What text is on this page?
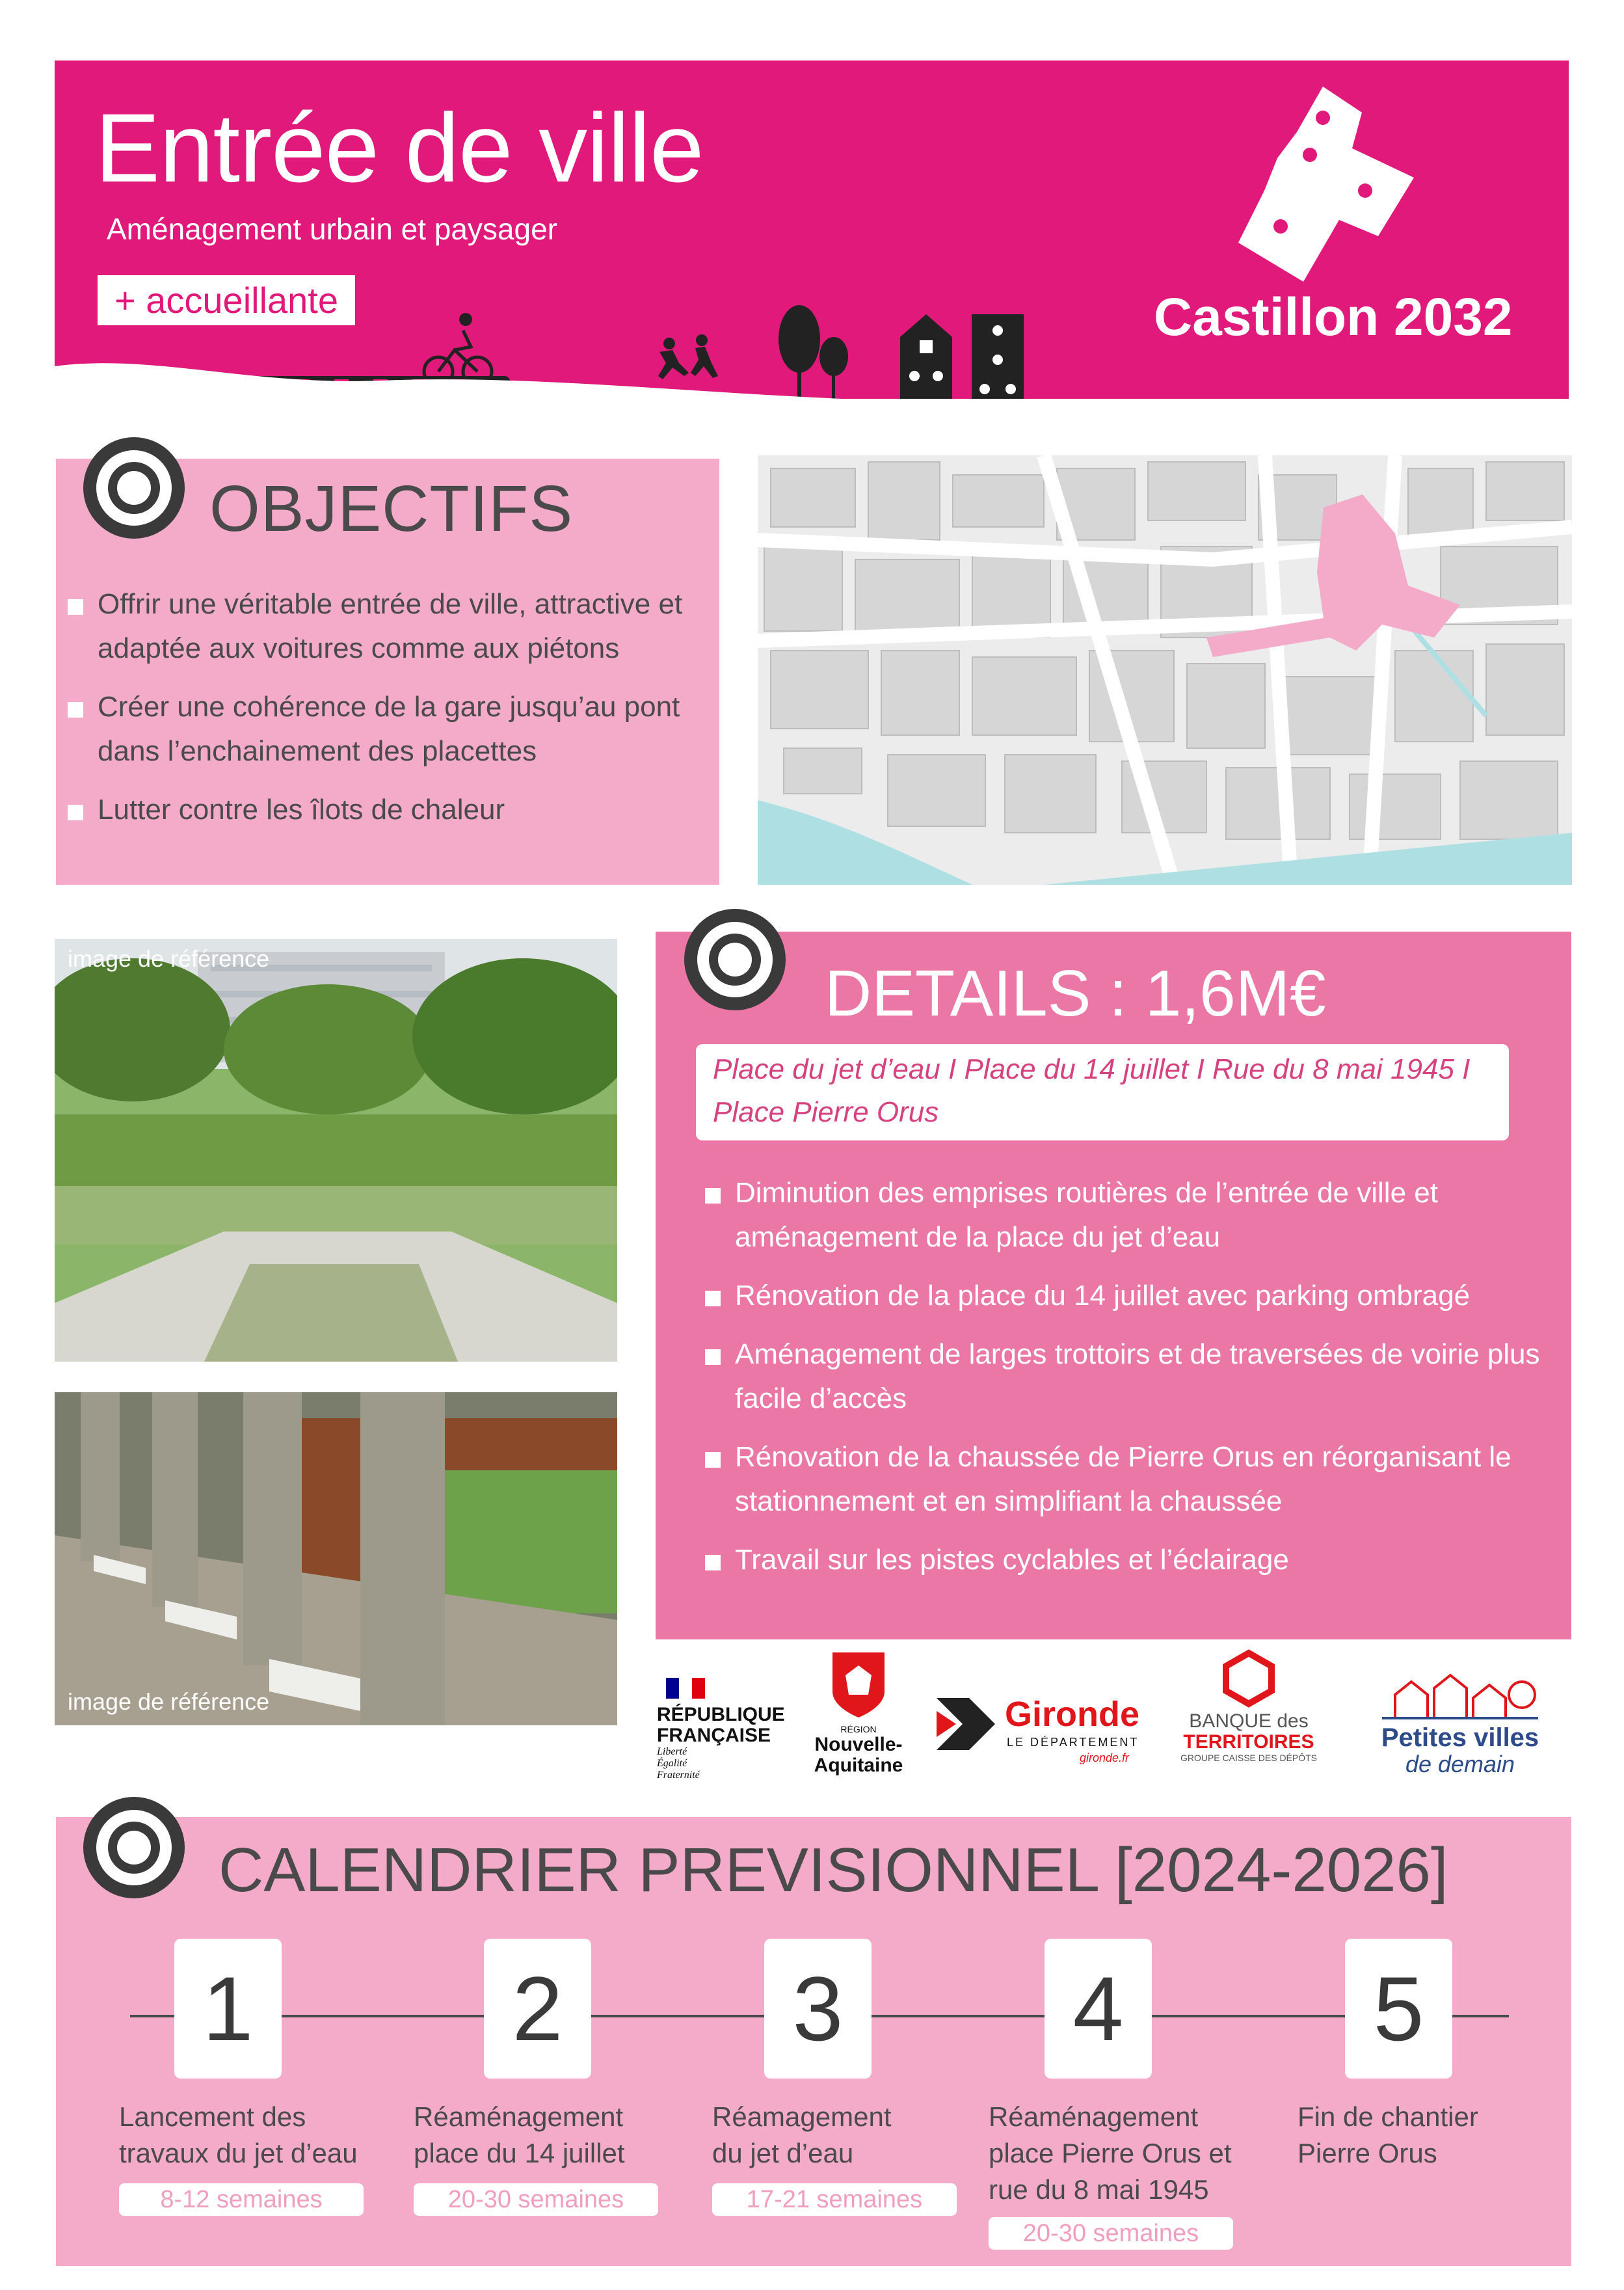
Entrée de ville
Aménagement urbain et paysager
+ accueillante	Castillon 2032
OBJECTIFS
Offrir une véritable entrée de ville, attractive et adaptée aux voitures comme aux piétons
Créer une cohérence de la gare jusqu’au pont dans l’enchainement des placettes
Lutter contre les îlots de chaleur
image de référence
image de référence
DETAILS : 1,6M€
Place du jet d’eau I Place du 14 juillet I Rue du 8 mai 1945 I Place Pierre Orus
Diminution des emprises routières de l’entrée de ville et aménagement de la place du jet d’eau
Rénovation de la place du 14 juillet avec parking ombragé
Aménagement de larges trottoirs et de traversées de voirie plus facile d’accès
Rénovation de la chaussée de Pierre Orus en réorganisant le stationnement et en simplifiant la chaussée
Travail sur les pistes cyclables et l’éclairage
RÉPUBLIQUE
FRANÇAISE
Liberté
Égalité
Fraternité
RÉGION
Nouvelle-
Aquitaine
Gironde
LE DÉPARTEMENT
gironde.fr
BANQUE des
TERRITOIRES
GROUPE CAISSE DES DÉPÔTS
Petites villes
de demain
CALENDRIER PREVISIONNEL [2024-2026]
1
Lancement des
travaux du jet d’eau
8-12 semaines
2
Réaménagement
place du 14 juillet
20-30 semaines
3
Réamagement
du jet d’eau
17-21 semaines
4
Réaménagement
place Pierre Orus et
rue du 8 mai 1945
20-30 semaines
5
Fin de chantier
Pierre Orus
